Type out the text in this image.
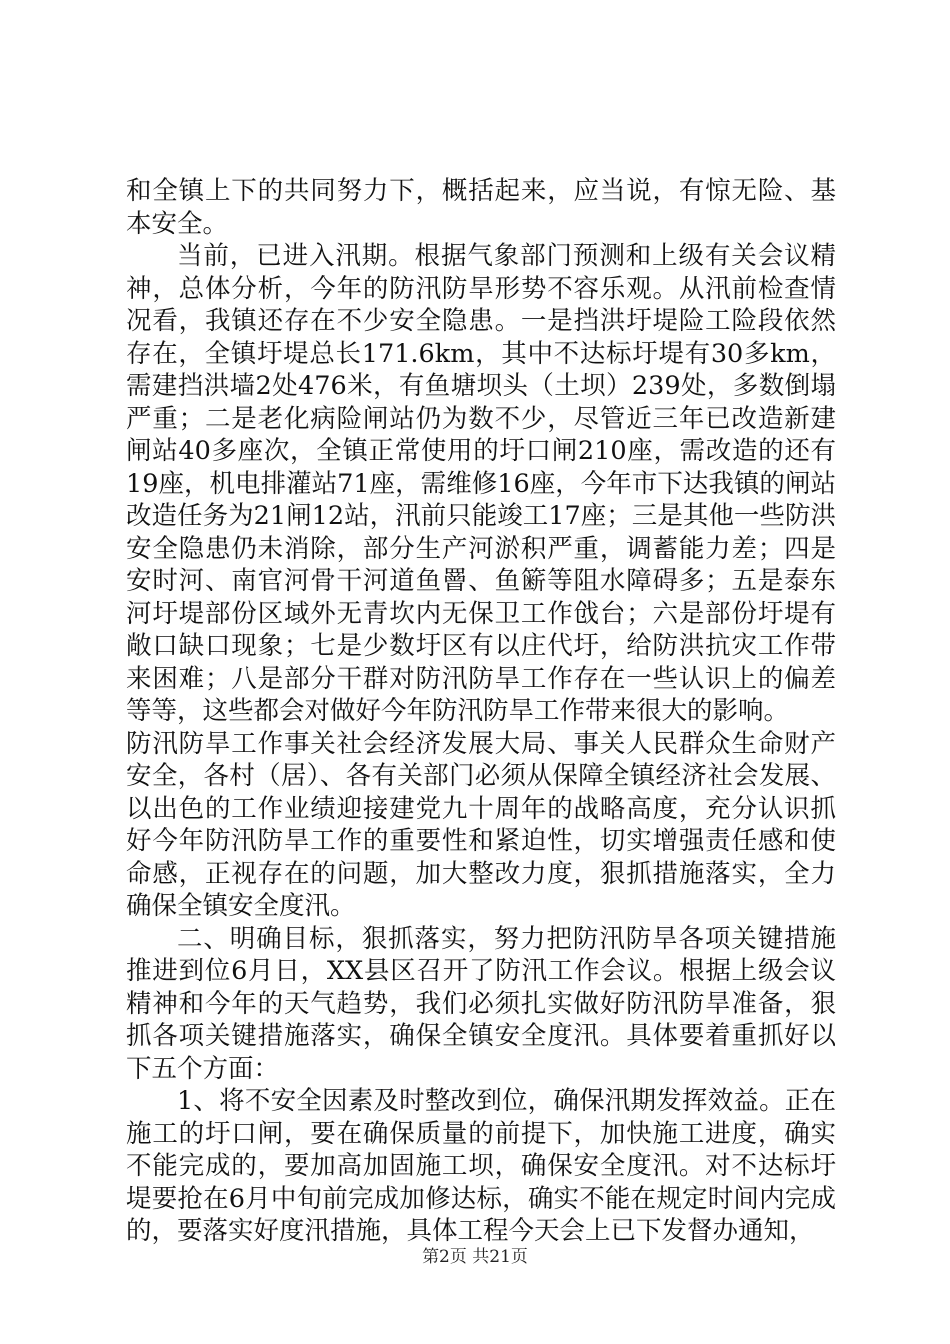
和全镇上下的共同努力下，概括起来，应当说，有惊无险、基本安全。

当前，已进入汛期。根据气象部门预测和上级有关会议精神，总体分析，今年的防汛防旱形势不容乐观。从汛前检查情况看，我镇还存在不少安全隐患。一是挡洪圩堤险工险段依然存在，全镇圩堤总长171.6km，其中不达标圩堤有30多km，需建挡洪墙2处476米，有鱼塘坝头（土坝）239处，多数倒塌严重；二是老化病险闸站仍为数不少，尽管近三年已改造新建闸站40多座次，全镇正常使用的圩口闸210座，需改造的还有19座，机电排灌站71座，需维修16座，今年市下达我镇的闸站改造任务为21闸12站，汛前只能竣工17座；三是其他一些防洪安全隐患仍未消除，部分生产河淤积严重，调蓄能力差；四是安时河、南官河骨干河道鱼罾、鱼簖等阻水障碍多；五是泰东河圩堤部份区域外无青坎内无保卫工作戗台；六是部份圩堤有敞口缺口现象；七是少数圩区有以庄代圩，给防洪抗灾工作带来困难；八是部分干群对防汛防旱工作存在一些认识上的偏差等等，这些都会对做好今年防汛防旱工作带来很大的影响。

防汛防旱工作事关社会经济发展大局、事关人民群众生命财产安全，各村（居）、各有关部门必须从保障全镇经济社会发展、以出色的工作业绩迎接建党九十周年的战略高度，充分认识抓好今年防汛防旱工作的重要性和紧迫性，切实增强责任感和使命感，正视存在的问题，加大整改力度，狠抓措施落实，全力确保全镇安全度汛。

二、明确目标，狠抓落实，努力把防汛防旱各项关键措施推进到位6月日，XX县区召开了防汛工作会议。根据上级会议精神和今年的天气趋势，我们必须扎实做好防汛防旱准备，狠抓各项关键措施落实，确保全镇安全度汛。具体要着重抓好以下五个方面：

1、将不安全因素及时整改到位，确保汛期发挥效益。正在施工的圩口闸，要在确保质量的前提下，加快施工进度，确实不能完成的，要加高加固施工坝，确保安全度汛。对不达标圩堤要抢在6月中旬前完成加修达标，确实不能在规定时间内完成的，要落实好度汛措施，具体工程今天会上已下发督办通知，

第2页 共21页
